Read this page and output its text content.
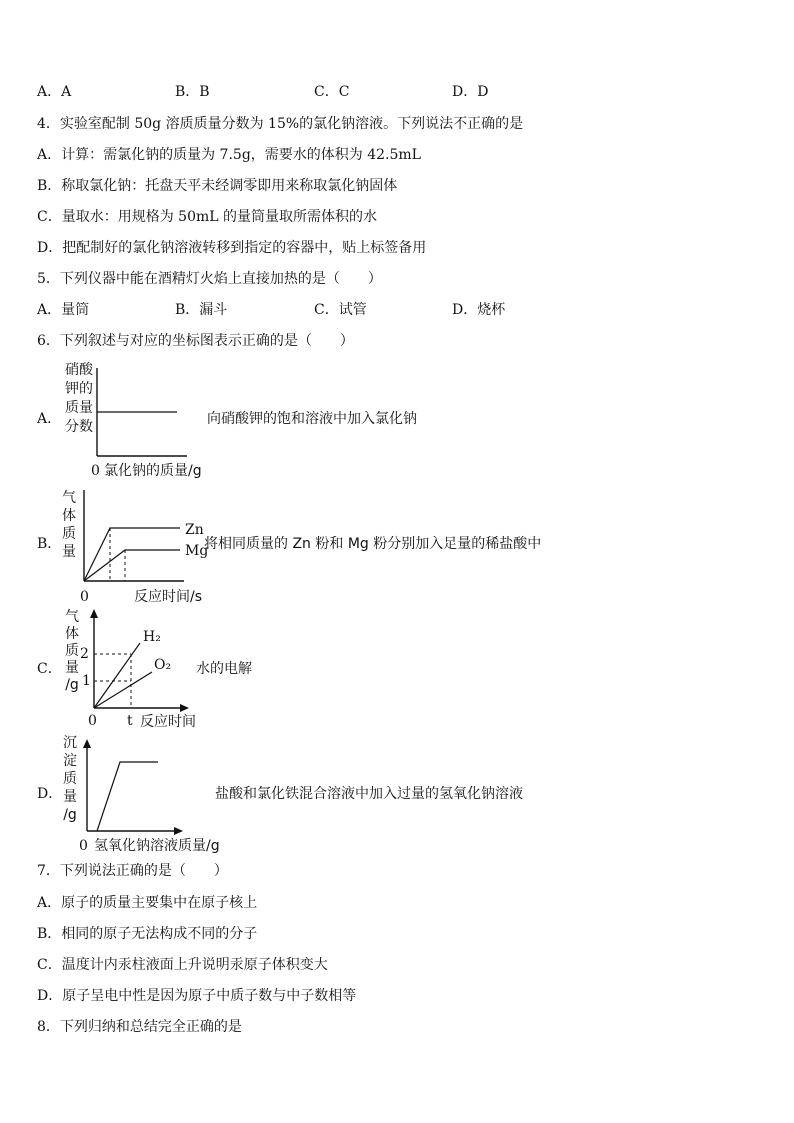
A．A	B．B	C．C	D．D
4．实验室配制 50g 溶质质量分数为 15%的氯化钠溶液。下列说法不正确的是
A．计算：需氯化钠的质量为 7.5g，需要水的体积为 42.5mL
B．称取氯化钠：托盘天平未经调零即用来称取氯化钠固体
C．量取水：用规格为 50mL 的量筒量取所需体积的水
D．把配制好的氯化钠溶液转移到指定的容器中，贴上标签备用
5．下列仪器中能在酒精灯火焰上直接加热的是（　　）
A．量筒	B．漏斗	C．试管	D．烧杯
6．下列叙述与对应的坐标图表示正确的是（　　）
A．
硝酸
钾的
质量
分数
0 氯化钠的质量/g
向硝酸钾的饱和溶液中加入氯化钠
B．
气
体
质
量
Zn
Mg
0	反应时间/s
将相同质量的 Zn 粉和 Mg 粉分别加入足量的稀盐酸中
C．
气
体
质
量
/g
2
1
H₂
O₂
0 t 反应时间
水的电解
D．
沉
淀
质
量
/g
0 氢氧化钠溶液质量/g
盐酸和氯化铁混合溶液中加入过量的氢氧化钠溶液
7．下列说法正确的是（　　）
A．原子的质量主要集中在原子核上
B．相同的原子无法构成不同的分子
C．温度计内汞柱液面上升说明汞原子体积变大
D．原子呈电中性是因为原子中质子数与中子数相等
8．下列归纳和总结完全正确的是
